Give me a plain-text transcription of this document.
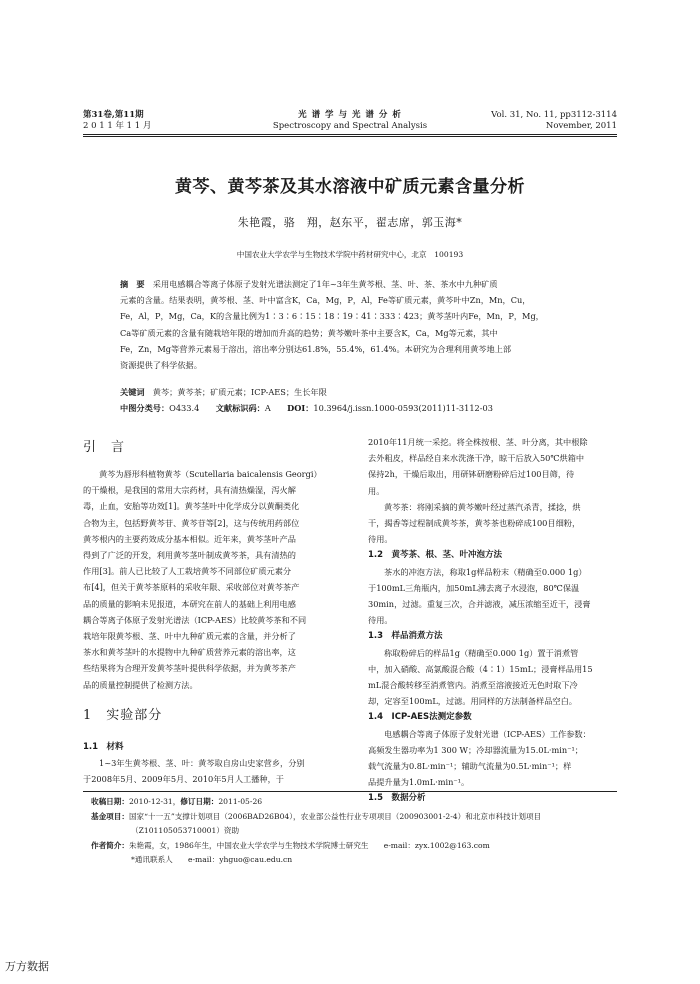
第31卷,第11期
2 0 1 1 年 1 1 月
光 谱 学 与 光 谱 分 析
Spectroscopy and Spectral Analysis
Vol. 31, No. 11, pp3112-3114
November, 2011
黄芩、黄芩茶及其水溶液中矿质元素含量分析
朱艳霞，骆　翔，赵东平，翟志席，郭玉海*
中国农业大学农学与生物技术学院中药材研究中心，北京　100193
摘　要　 采用电感耦合等离子体原子发射光谱法测定了1年~3年生黄芩根、茎、叶、茶、茶水中九种矿质
元素的含量。结果表明，黄芩根、茎、叶中富含K，Ca，Mg，P，Al，Fe等矿质元素，黄芩叶中Zn，Mn，Cu，
Fe，Al，P，Mg，Ca，K的含量比例为1∶3∶6∶15∶18∶19∶41∶333∶423；黄芩茎叶内Fe，Mn，P，Mg，
Ca等矿质元素的含量有随栽培年限的增加而升高的趋势；黄芩嫩叶茶中主要含K，Ca，Mg等元素，其中
Fe，Zn，Mg等营养元素易于溶出，溶出率分别达61.8%，55.4%，61.4%。本研究为合理利用黄芩地上部
资源提供了科学依据。
关键词　 黄芩；黄芩茶；矿质元素；ICP-AES；生长年限
中图分类号：O433.4　　 文献标识码：A　　 DOI：10.3964/j.issn.1000-0593(2011)11-3112-03
引　言
黄芩为唇形科植物黄芩（Scutellaria baicalensis Georgi）
的干燥根，是我国的常用大宗药材，具有清热燥湿，泻火解
毒，止血，安胎等功效[1]。黄芩茎叶中化学成分以黄酮类化
合物为主，包括野黄芩苷、黄芩苷等[2]，这与传统用药部位
黄芩根内的主要药效成分基本相似。近年来，黄芩茎叶产品
得到了广泛的开发，利用黄芩茎叶制成黄芩茶，具有清热的
作用[3]。前人已比较了人工栽培黄芩不同部位矿质元素分
布[4]，但关于黄芩茶原料的采收年限、采收部位对黄芩茶产
品的质量的影响未见报道，本研究在前人的基础上利用电感
耦合等离子体原子发射光谱法（ICP-AES）比较黄芩茶和不同
栽培年限黄芩根、茎、叶中九种矿质元素的含量，并分析了
茶水和黄芩茎叶的水提物中九种矿质营养元素的溶出率，这
些结果将为合理开发黄芩茎叶提供科学依据，并为黄芩茶产
品的质量控制提供了检测方法。
1　实验部分
1.1　材料
1~3年生黄芩根、茎、叶：黄芩取自房山史家营乡，分别
于2008年5月、2009年5月、2010年5月人工播种，于
2010年11月统一采挖。将全株按根、茎、叶分离，其中根除
去外粗皮，样品经自来水洗涤干净，晾干后放入50℃烘箱中
保持2h，干燥后取出，用研钵研磨粉碎后过100目筛，待
用。
黄芩茶：将刚采摘的黄芩嫩叶经过蒸汽杀青，揉捻，烘
干，揭香等过程制成黄芩茶，黄芩茶也粉碎成100目细粉，
待用。
1.2　黄芩茶、根、茎、叶冲泡方法
茶水的冲泡方法，称取1g样品粉末（精确至0.000 1g）
于100mL三角瓶内，加50mL沸去离子水浸泡，80℃保温
30min，过滤。重复三次，合并滤液，减压浓缩至近干，浸膏
待用。
1.3　样品消煮方法
称取粉碎后的样品1g（精确至0.000 1g）置于消煮管
中，加入硝酸、高氯酸混合酸（4∶1）15mL；浸膏样品用15
mL混合酸转移至消煮管内。消煮至溶液接近无色时取下冷
却，定容至100mL，过滤。用同样的方法制备样品空白。
1.4　ICP-AES法测定参数
电感耦合等离子体原子发射光谱（ICP-AES）工作参数：
高频发生器功率为1 300 W；冷却器流量为15.0L·min⁻¹；
载气流量为0.8L·min⁻¹；辅助气流量为0.5L·min⁻¹；样
品提升量为1.0mL·min⁻¹。
1.5　数据分析
收稿日期：2010-12-31，修订日期：2011-05-26
基金项目：国家“十一五”支撑计划项目（2006BAD26B04），农业部公益性行业专项项目（200903001-2-4）和北京市科技计划项目
（Z101105053710001）资助
作者简介：朱艳霞，女，1986年生，中国农业大学农学与生物技术学院博士研究生　　e-mail：zyx.1002@163.com
*通讯联系人　　e-mail：yhguo@cau.edu.cn
万方数据
